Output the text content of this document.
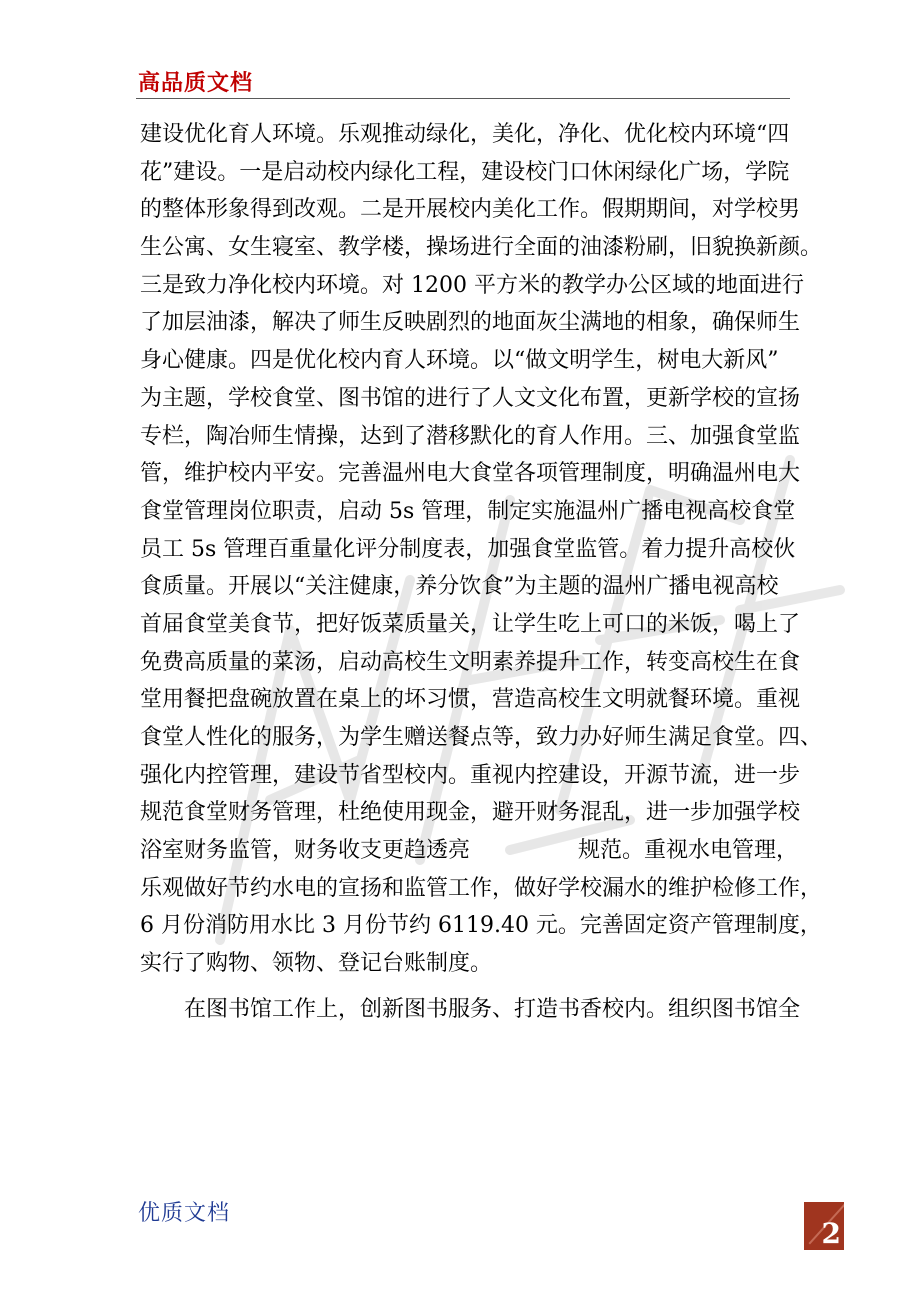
高品质文档
建设优化育人环境。乐观推动绿化，美化，净化、优化校内环境“四
花”建设。一是启动校内绿化工程，建设校门口休闲绿化广场，学院
的整体形象得到改观。二是开展校内美化工作。假期期间，对学校男
生公寓、女生寝室、教学楼，操场进行全面的油漆粉刷，旧貌换新颜。
三是致力净化校内环境。对 1200 平方米的教学办公区域的地面进行
了加层油漆，解决了师生反映剧烈的地面灰尘满地的相象，确保师生
身心健康。四是优化校内育人环境。以“做文明学生，树电大新风”
为主题，学校食堂、图书馆的进行了人文文化布置，更新学校的宣扬
专栏，陶冶师生情操，达到了潜移默化的育人作用。三、加强食堂监
管，维护校内平安。完善温州电大食堂各项管理制度，明确温州电大
食堂管理岗位职责，启动 5s 管理，制定实施温州广播电视高校食堂
员工 5s 管理百重量化评分制度表，加强食堂监管。着力提升高校伙
食质量。开展以“关注健康，养分饮食”为主题的温州广播电视高校
首届食堂美食节，把好饭菜质量关，让学生吃上可口的米饭，喝上了
免费高质量的菜汤，启动高校生文明素养提升工作，转变高校生在食
堂用餐把盘碗放置在桌上的坏习惯，营造高校生文明就餐环境。重视
食堂人性化的服务，为学生赠送餐点等，致力办好师生满足食堂。四、
强化内控管理，建设节省型校内。重视内控建设，开源节流，进一步
规范食堂财务管理，杜绝使用现金，避开财务混乱，进一步加强学校
浴室财务监管，财务收支更趋透亮	规范。重视水电管理，
乐观做好节约水电的宣扬和监管工作，做好学校漏水的维护检修工作，
6 月份消防用水比 3 月份节约 6119.40 元。完善固定资产管理制度，
实行了购物、领物、登记台账制度。
在图书馆工作上，创新图书服务、打造书香校内。组织图书馆全
优质文档
2
